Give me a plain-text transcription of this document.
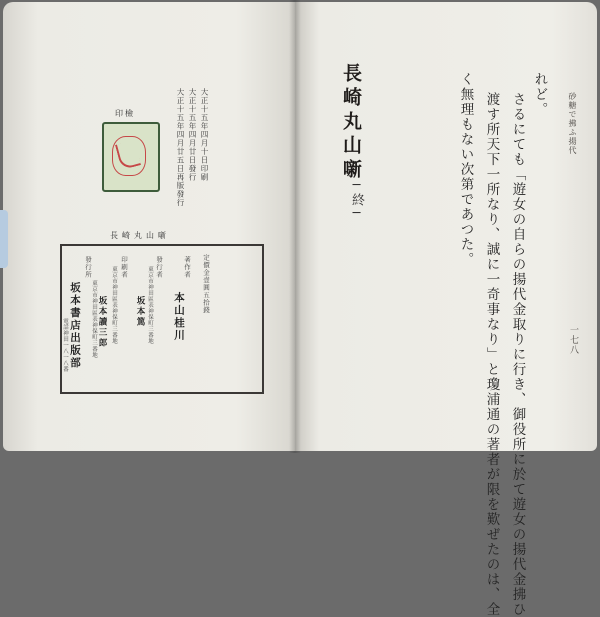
砂糖で拂ふ揚代
一七八
れど。
さるにても「遊女の自らの揚代金取りに行き、御役所に於て遊女の揚代金拂ひ
渡す所天下一所なり、誠に一奇事なり」と瓊浦通の著者が限を歎ぜたのは、全
く無理もない次第であつた。
長崎丸山噺
─終─
印檢	大正十五年四月十日印刷
大正十五年四月廿日發行
大正十五年四月廿五日再版發行
長崎丸山噺
定價金壹圓五拾錢
著作者
本山桂川
發行者
東京市神田區表神保町三番地
坂本篤
印刷者
東京市神田區表神保町三番地
坂本讀三郎
發行所
東京市神田區表神保町三番地
坂本書店出版部
電話神田一八一八番
